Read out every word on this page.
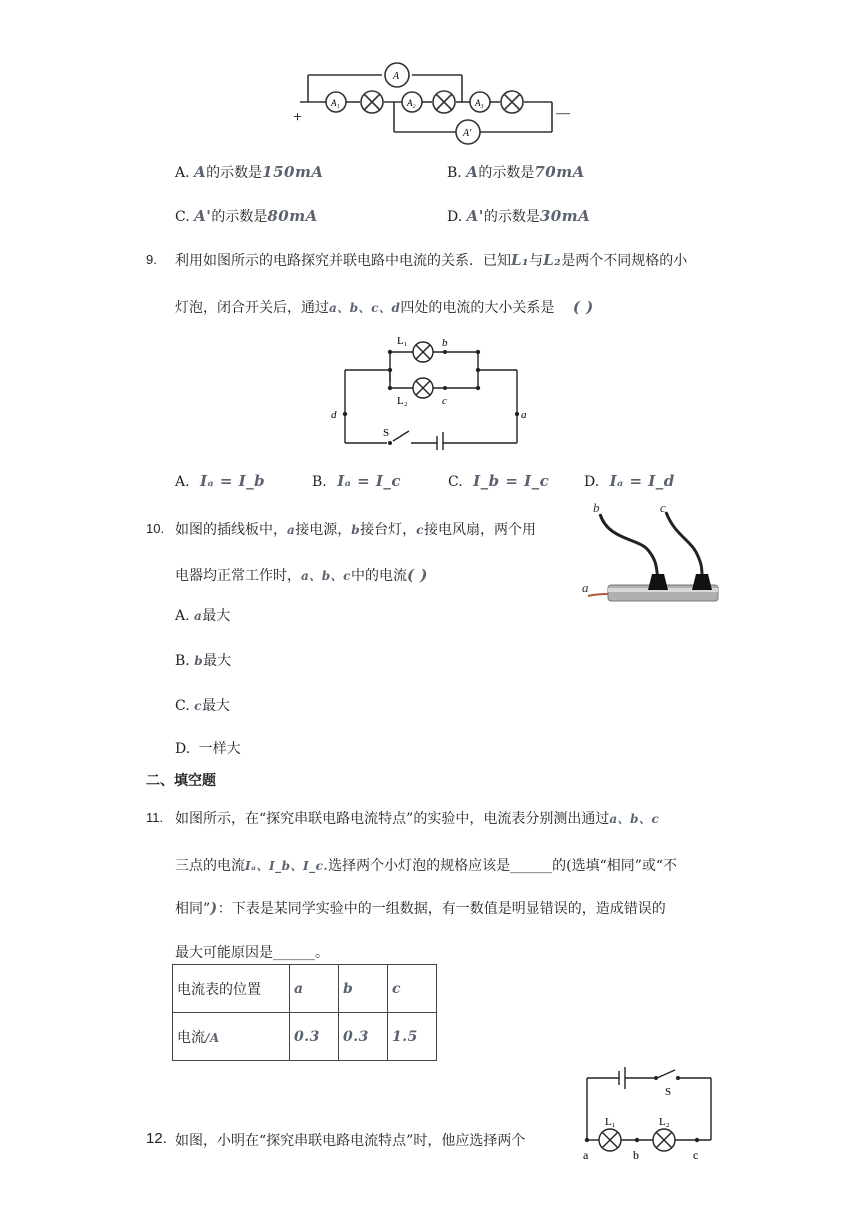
A
A₁	A₂	A₃
A'
+	—
A. A的示数是150mA	B. A的示数是70mA
C. A'的示数是80mA	D. A'的示数是30mA
9. 利用如图所示的电路探究并联电路中电流的关系．已知L₁与L₂是两个不同规格的小
灯泡，闭合开关后，通过a、b、c、d四处的电流的大小关系是 ( )
L₁	b
L₂	c
d	a
S
A. Iₐ = I_b	B. Iₐ = I_c	C. I_b = I_c D. Iₐ = I_d
10. 如图的插线板中，a接电源，b接台灯，c接电风扇，两个用
电器均正常工作时，a、b、c中的电流( )
b	c
a
A. a最大
B. b最大
C. c最大
D. 一样大
二、填空题
11. 如图所示，在“探究串联电路电流特点”的实验中，电流表分别测出通过a、b、c
三点的电流Iₐ、I_b、I_c.选择两个小灯泡的规格应该是______的(选填“相同”或“不
相同”)：下表是某同学实验中的一组数据，有一数值是明显错误的，造成错误的
最大可能原因是______。
电流表的位置	a	b	c
电流/A	0.3	0.3	1.5
12. 如图，小明在“探究串联电路电流特点”时，他应选择两个
S
L₁	L₂
a	b	c
